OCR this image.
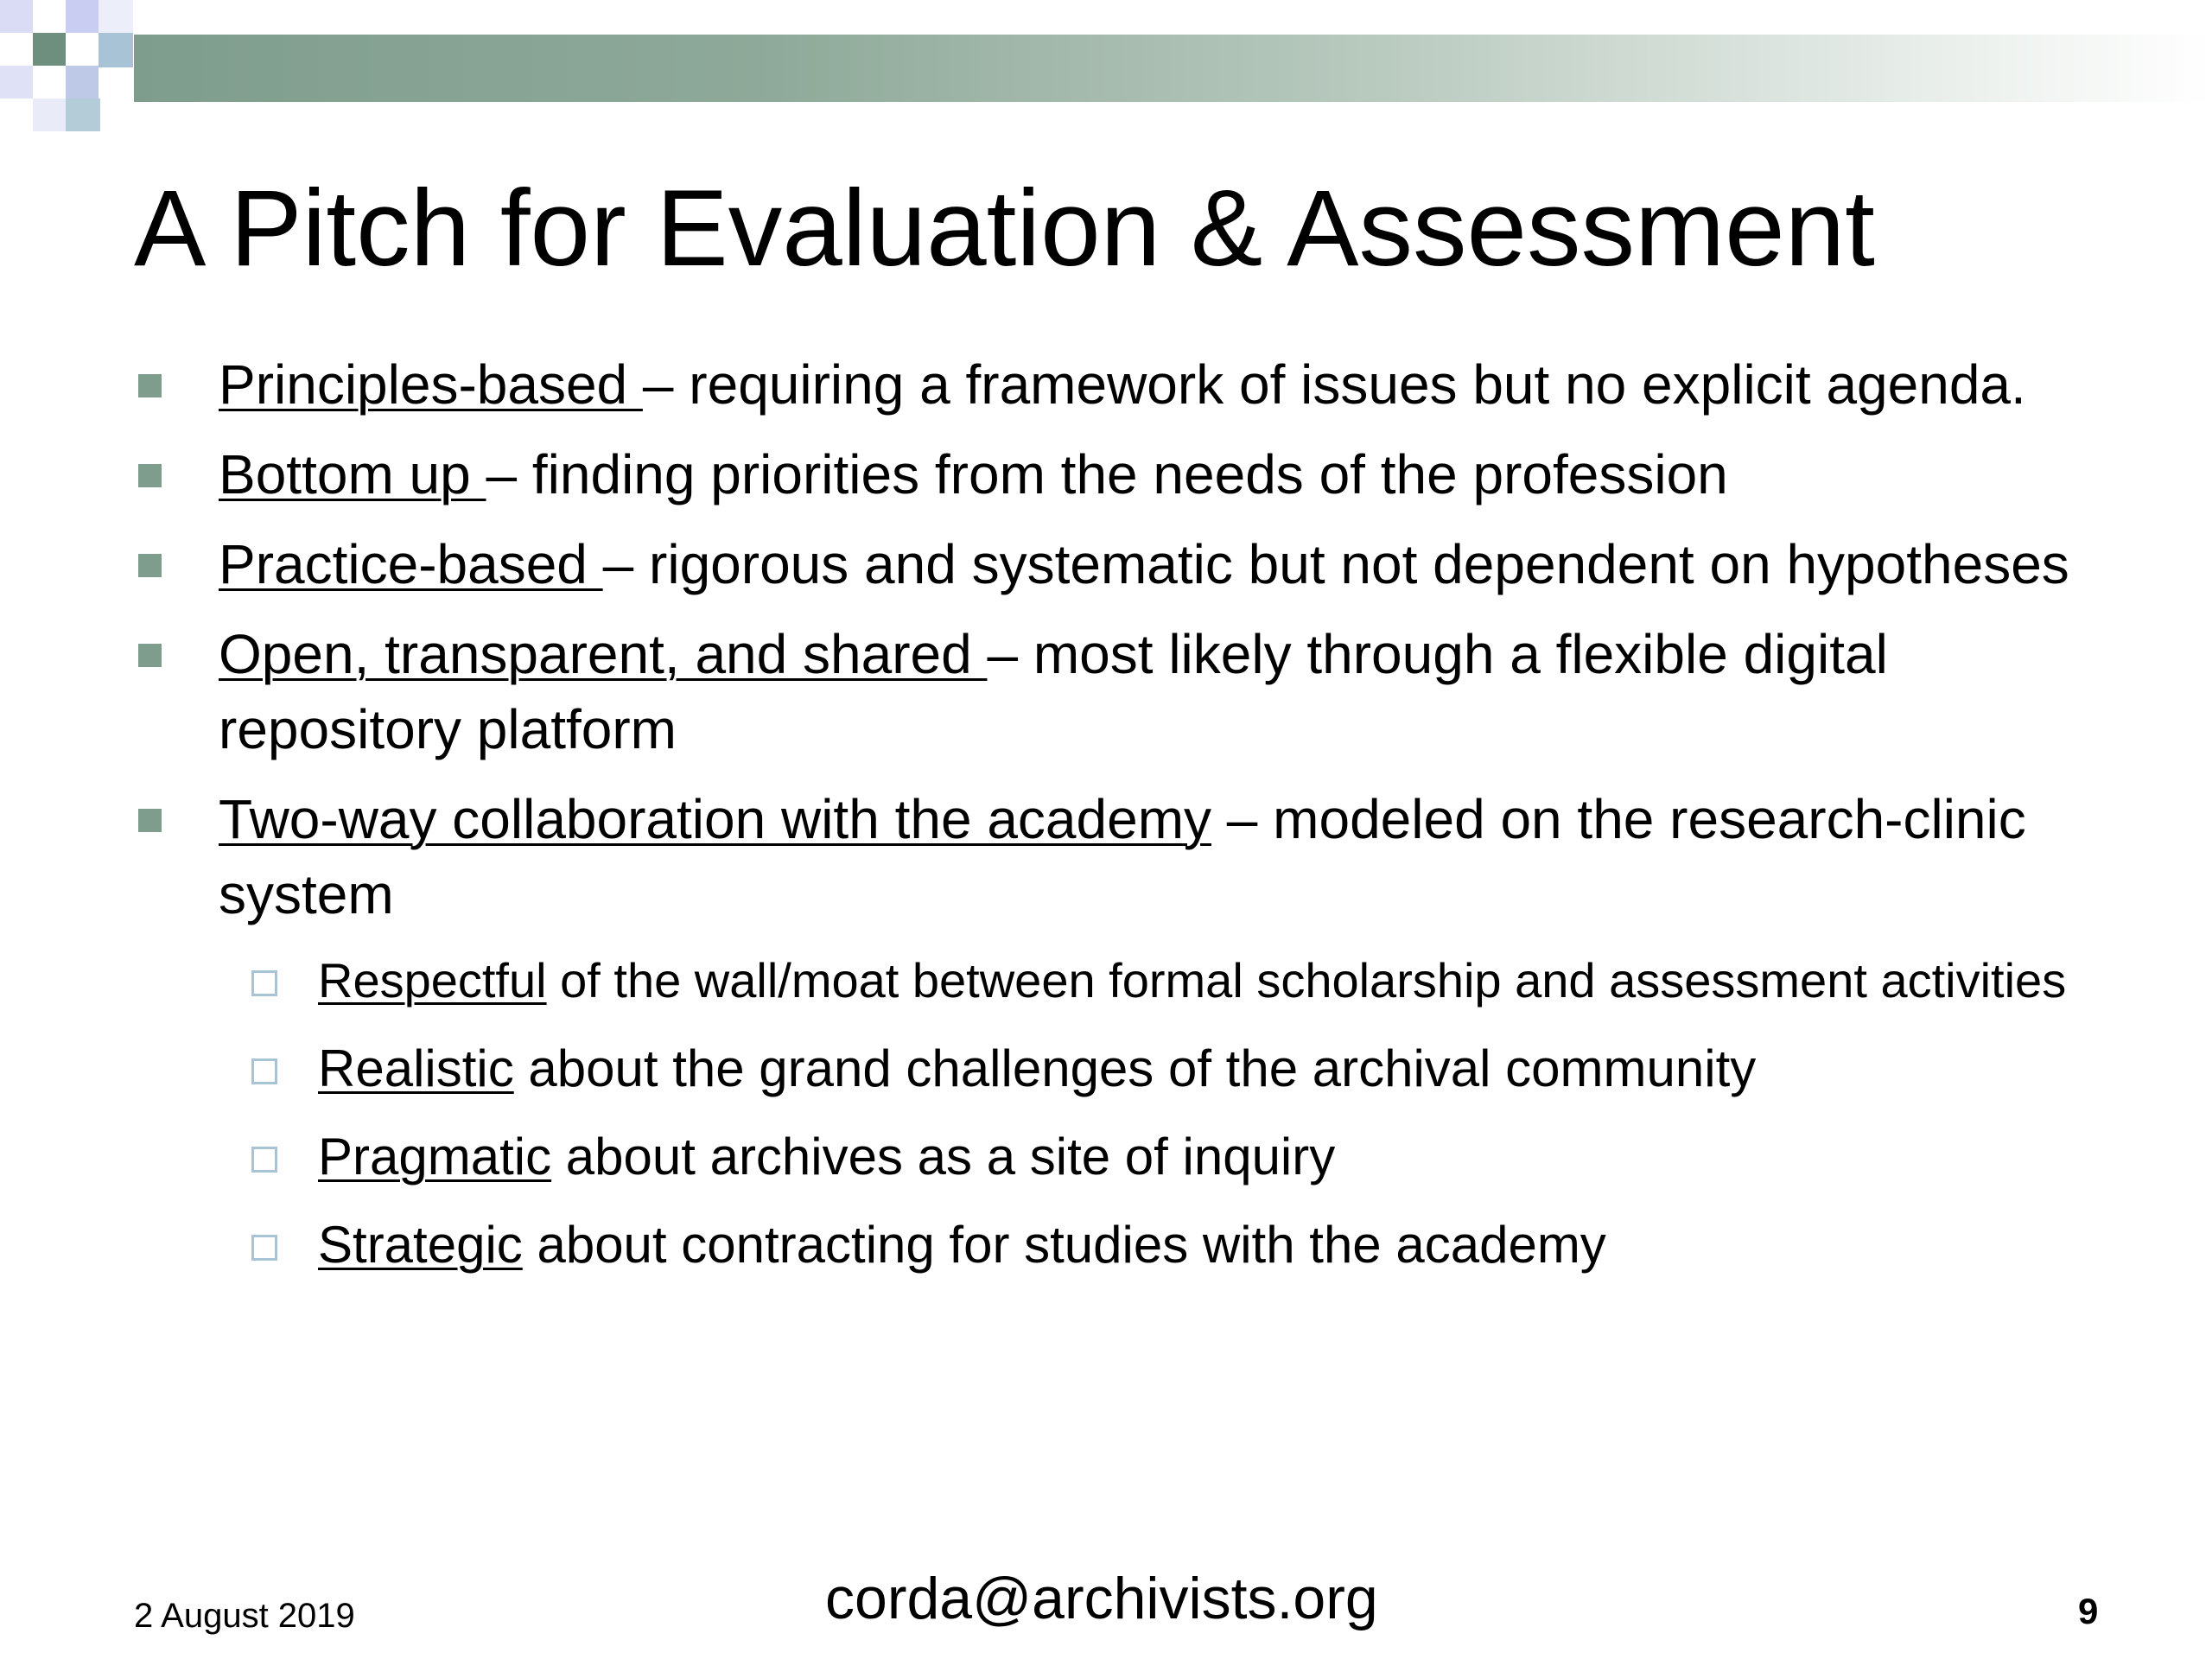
A Pitch for Evaluation & Assessment
Principles-based – requiring a framework of issues but no explicit agenda.
Bottom up – finding priorities from the needs of the profession
Practice-based – rigorous and systematic but not dependent on hypotheses
Open, transparent, and shared – most likely through a flexible digital repository platform
Two-way collaboration with the academy – modeled on the research-clinic system
Respectful of the wall/moat between formal scholarship and assessment activities
Realistic about the grand challenges of the archival community
Pragmatic about archives as a site of inquiry
Strategic about contracting for studies with the academy
2 August 2019	corda@archivists.org	9
